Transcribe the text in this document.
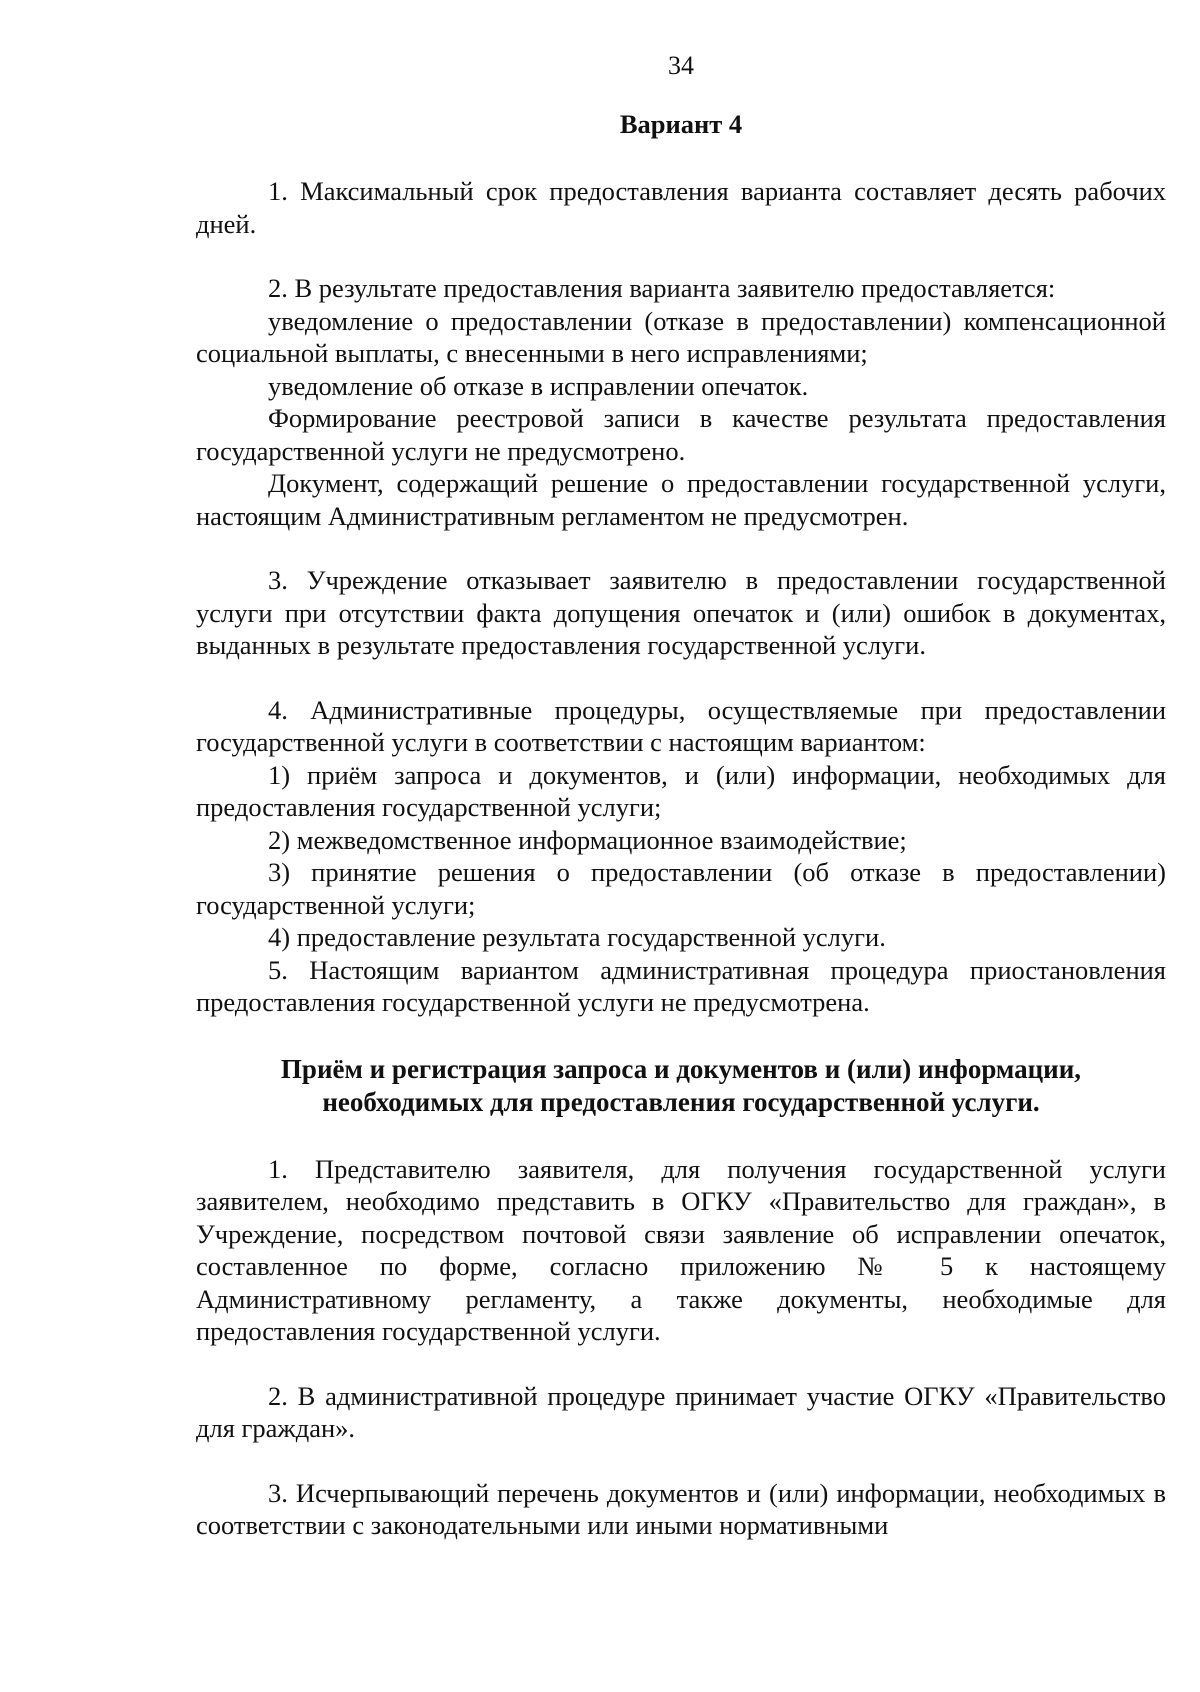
34
Вариант 4

1. Максимальный срок предоставления варианта составляет десять рабочих дней.

2. В результате предоставления варианта заявителю предоставляется:

уведомление о предоставлении (отказе в предоставлении) компенсационной социальной выплаты, с внесенными в него исправлениями;

уведомление об отказе в исправлении опечаток.

Формирование реестровой записи в качестве результата предоставления государственной услуги не предусмотрено.

Документ, содержащий решение о предоставлении государственной услуги, настоящим Административным регламентом не предусмотрен.

3. Учреждение отказывает заявителю в предоставлении государственной услуги при отсутствии факта допущения опечаток и (или) ошибок в документах, выданных в результате предоставления государственной услуги.

4. Административные процедуры, осуществляемые при предоставлении государственной услуги в соответствии с настоящим вариантом:

1) приём запроса и документов, и (или) информации, необходимых для предоставления государственной услуги;

2) межведомственное информационное взаимодействие;

3) принятие решения о предоставлении (об отказе в предоставлении) государственной услуги;

4) предоставление результата государственной услуги.

5. Настоящим вариантом административная процедура приостановления предоставления государственной услуги не предусмотрена.

Приём и регистрация запроса и документов и (или) информации,
необходимых для предоставления государственной услуги.

1. Представителю заявителя, для получения государственной услуги заявителем, необходимо представить в ОГКУ «Правительство для граждан», в Учреждение, посредством почтовой связи заявление об исправлении опечаток, составленное по форме, согласно приложению № 5 к настоящему Административному регламенту, а также документы, необходимые для предоставления государственной услуги.

2. В административной процедуре принимает участие ОГКУ «Правительство для граждан».

3. Исчерпывающий перечень документов и (или) информации, необходимых в соответствии с законодательными или иными нормативными
